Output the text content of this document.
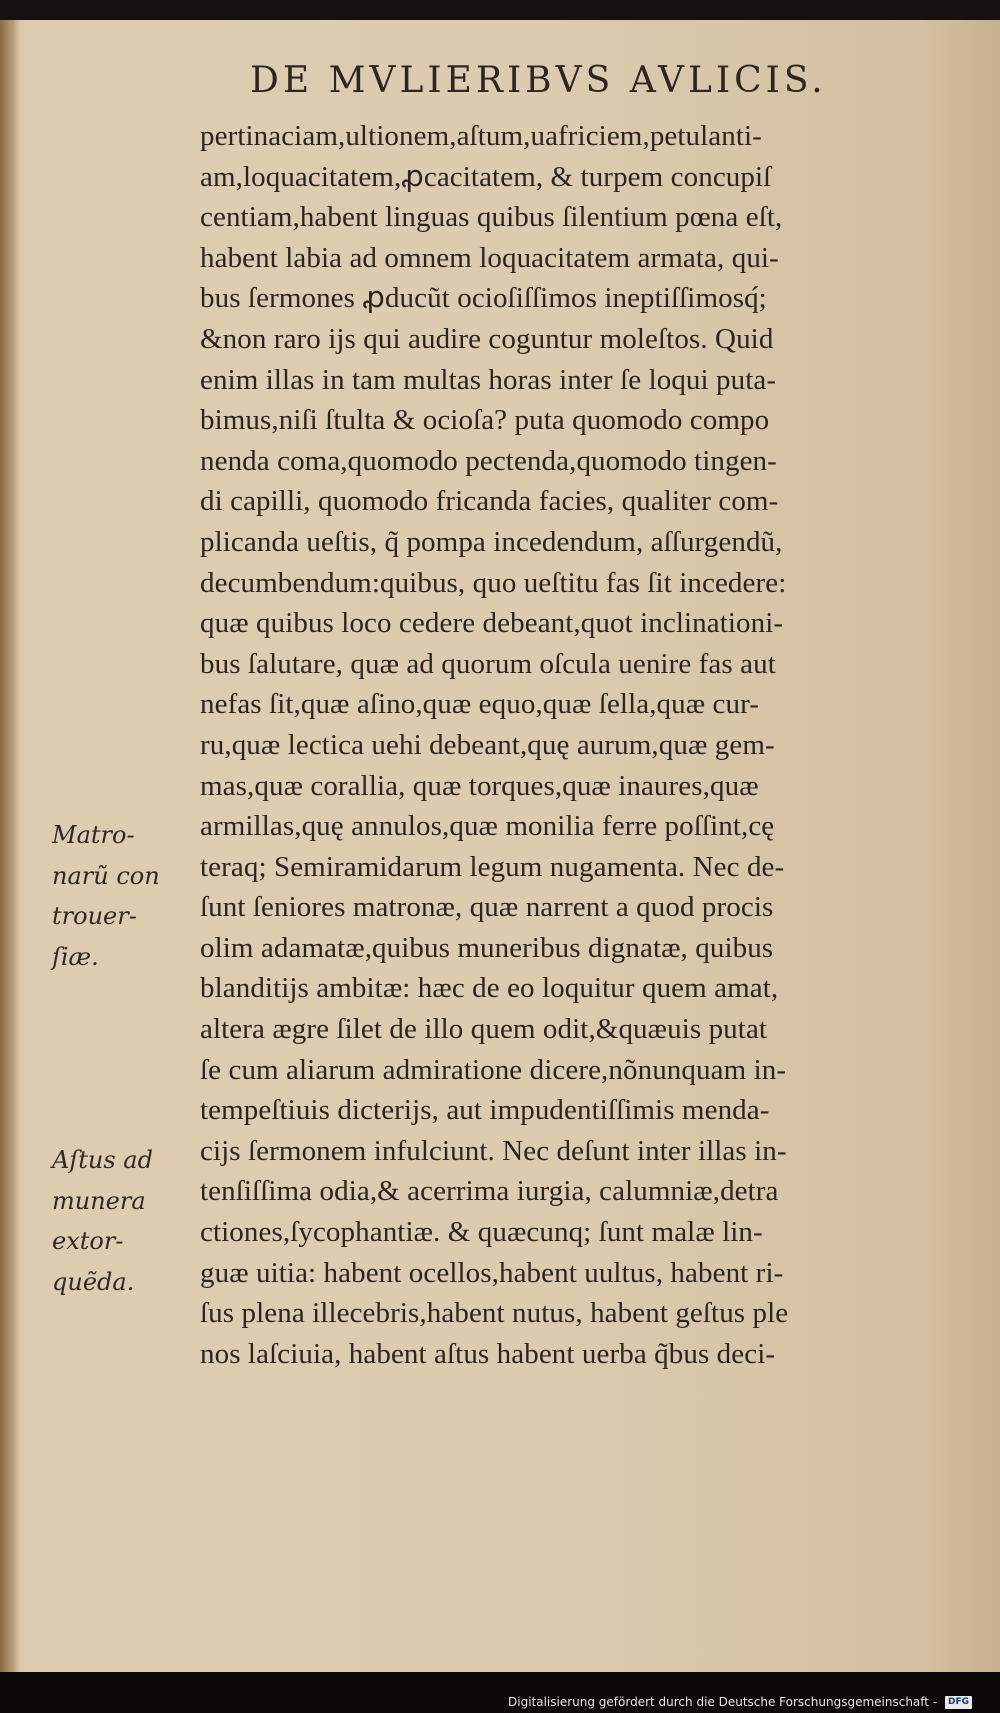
DE MVLIERIBVS AVLICIS.
pertinaciam,ultionem,aſtum,uafriciem,petulanti-
am,loquacitatem,ꝓcacitatem, & turpem concupiſ
centiam,habent linguas quibus ſilentium pœna eſt,
habent labia ad omnem loquacitatem armata, qui-
bus ſermones ꝓducũt ocioſiſſimos ineptiſſimosq́;
&non raro ijs qui audire coguntur moleſtos. Quid
enim illas in tam multas horas inter ſe loqui puta-
bimus,niſi ſtulta & ocioſa? puta quomodo compo
nenda coma,quomodo pectenda,quomodo tingen-
di capilli, quomodo fricanda facies, qualiter com-
plicanda ueſtis, q̃ pompa incedendum, aſſurgendũ,
decumbendum:quibus, quo ueſtitu fas ſit incedere:
quæ quibus loco cedere debeant,quot inclinationi-
bus ſalutare, quæ ad quorum oſcula uenire fas aut
nefas ſit,quæ aſino,quæ equo,quæ ſella,quæ cur-
ru,quæ lectica uehi debeant,quę aurum,quæ gem-
mas,quæ corallia, quæ torques,quæ inaures,quæ
armillas,quę annulos,quæ monilia ferre poſſint,cę
teraq; Semiramidarum legum nugamenta. Nec de-
ſunt ſeniores matronæ, quæ narrent a quod procis
olim adamatæ,quibus muneribus dignatæ, quibus
blanditijs ambitæ: hæc de eo loquitur quem amat,
altera ægre ſilet de illo quem odit,&quæuis putat
ſe cum aliarum admiratione dicere,nõnunquam in-
tempeſtiuis dicterijs, aut impudentiſſimis menda-
cijs ſermonem infulciunt. Nec deſunt inter illas in-
tenſiſſima odia,& acerrima iurgia, calumniæ,detra
ctiones,ſycophantiæ. & quæcunq; ſunt malæ lin-
guæ uitia: habent ocellos,habent uultus, habent ri-
ſus plena illecebris,habent nutus, habent geſtus ple
nos laſciuia, habent aſtus habent uerba q̃bus deci-
Matro-
narũ con
trouer-
ſiæ.
Aſtus ad
munera
extor-
quẽda.
Digitalisierung gefördert durch die Deutsche Forschungsgemeinschaft - DFG
